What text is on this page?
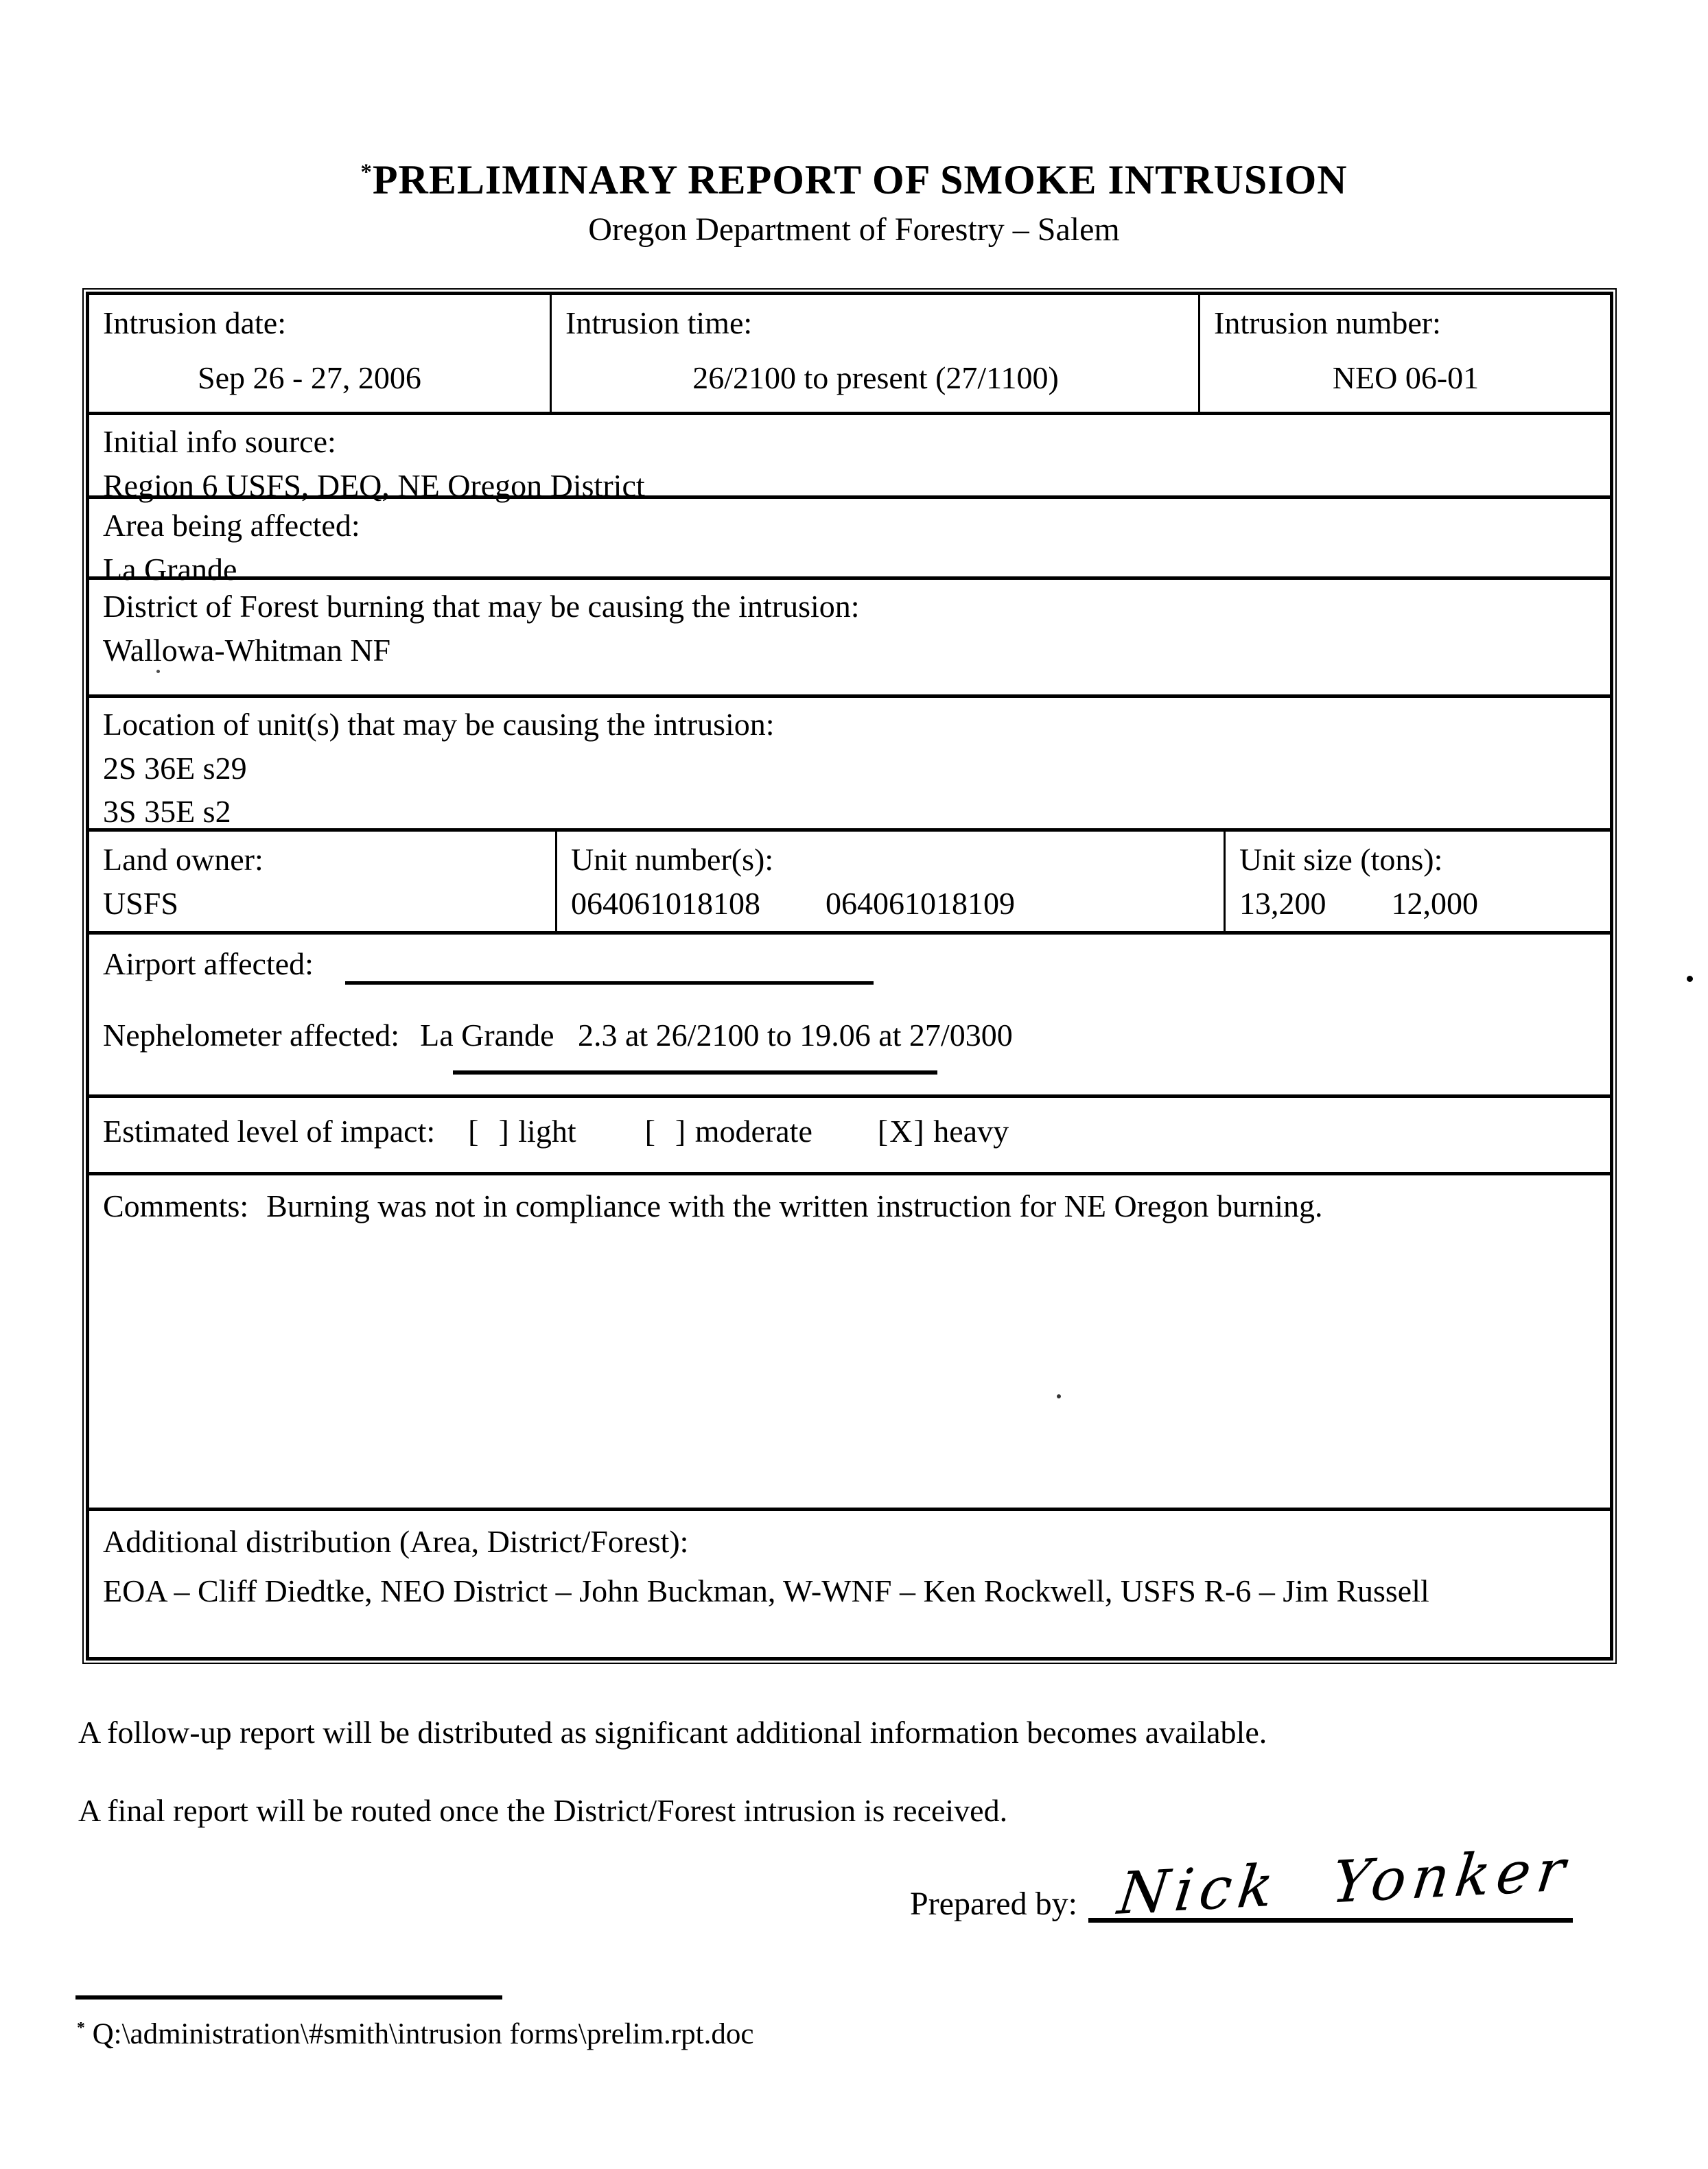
*PRELIMINARY REPORT OF SMOKE INTRUSION
Oregon Department of Forestry – Salem
Intrusion date:
Sep 26 - 27, 2006
Intrusion time:
26/2100 to present (27/1100)
Intrusion number:
NEO 06-01
Initial info source:
Region 6 USFS, DEQ, NE Oregon District
Area being affected:
La Grande
District of Forest burning that may be causing the intrusion:
Wallowa-Whitman NF
Location of unit(s) that may be causing the intrusion:
2S 36E s29
3S 35E s2
Land owner:
USFS
Unit number(s):
064061018108 064061018109
Unit size (tons):
13,200 12,000
Airport affected:
Nephelometer affected: La Grande   2.3 at 26/2100 to 19.06 at 27/0300
Estimated level of impact: [  ] light [  ] moderate [X] heavy
Comments: Burning was not in compliance with the written instruction for NE Oregon burning.
Additional distribution (Area, District/Forest):
EOA – Cliff Diedtke, NEO District – John Buckman, W-WNF – Ken Rockwell, USFS R-6 – Jim Russell
A follow-up report will be distributed as significant additional information becomes available.
A final report will be routed once the District/Forest intrusion is received.
Prepared by: Nick Yonker
* Q:\administration\#smith\intrusion forms\prelim.rpt.doc
